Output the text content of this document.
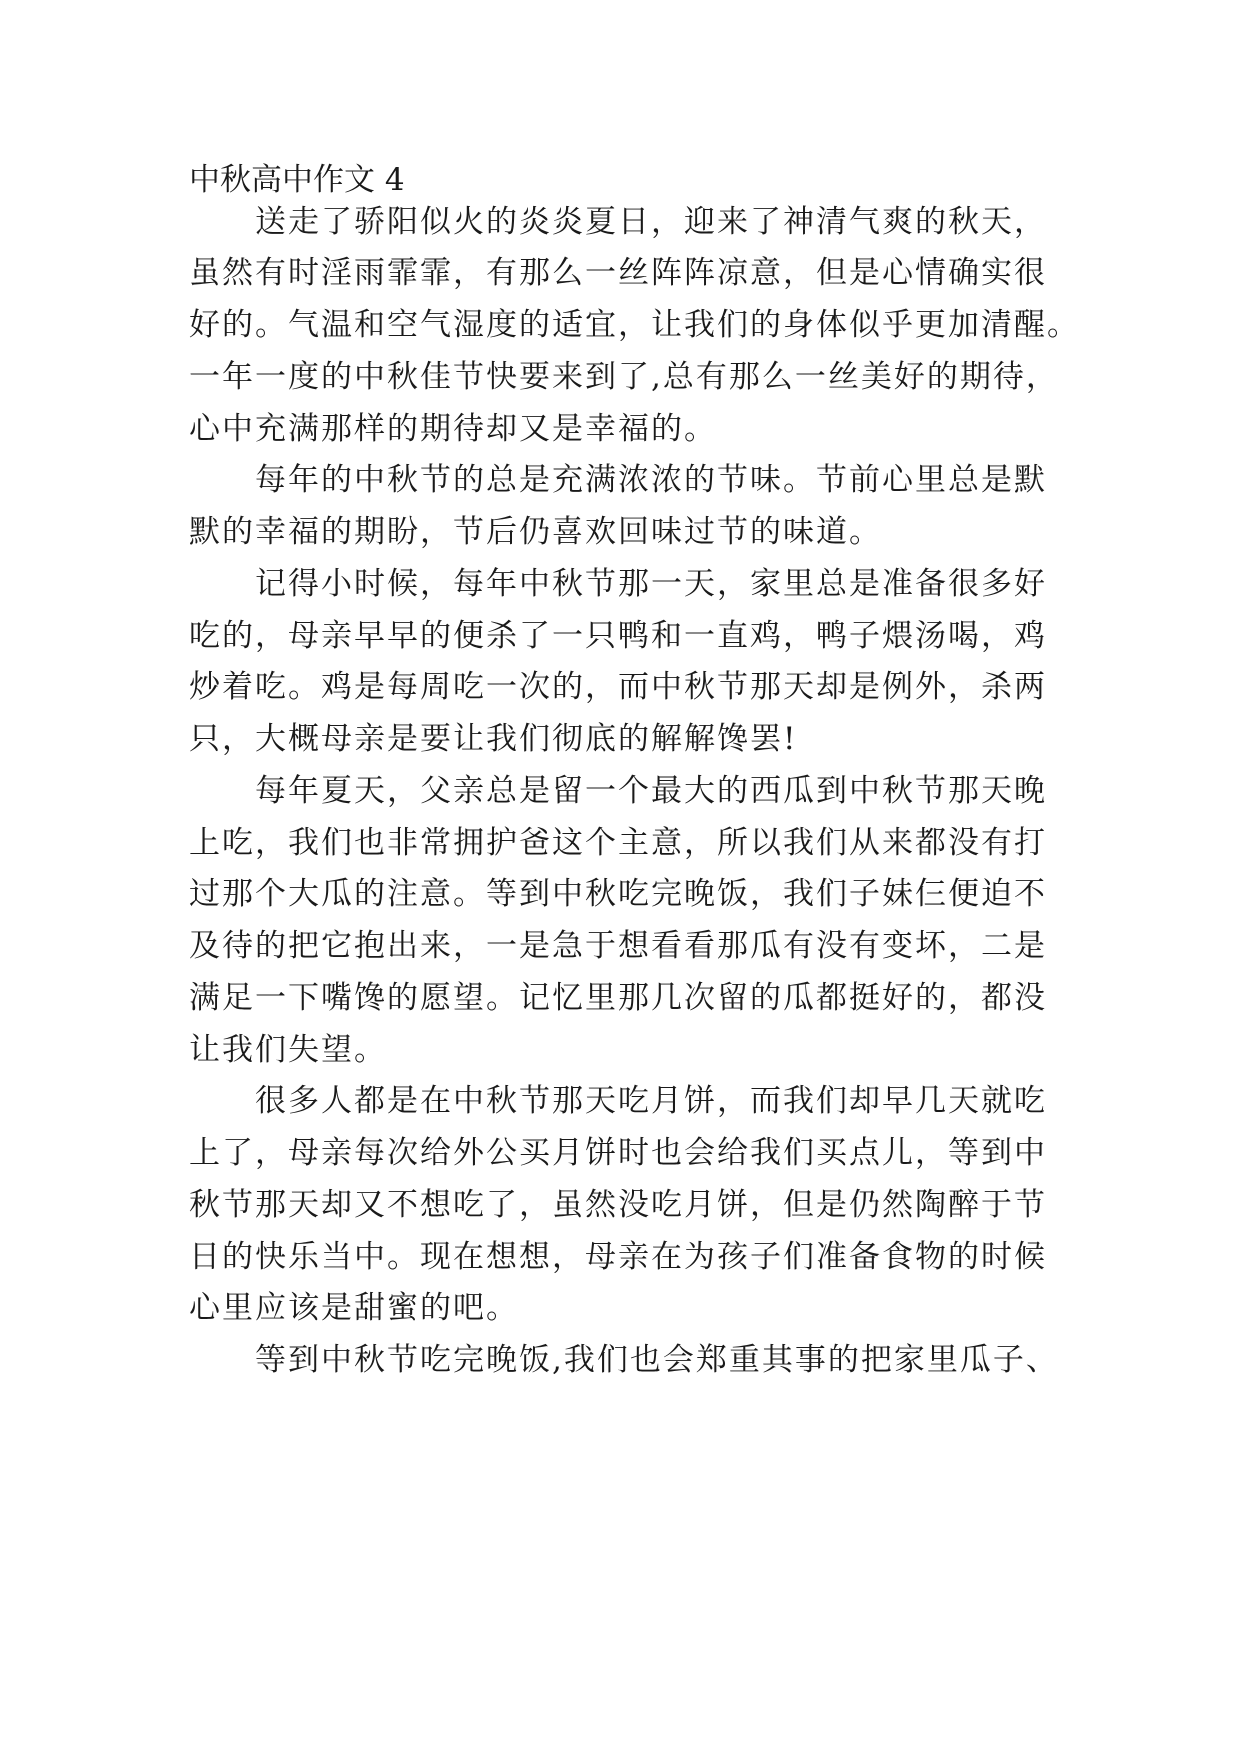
中秋高中作文 4
送走了骄阳似火的炎炎夏日，迎来了神清气爽的秋天，
虽然有时淫雨霏霏，有那么一丝阵阵凉意，但是心情确实很
好的。气温和空气湿度的适宜，让我们的身体似乎更加清醒。
一年一度的中秋佳节快要来到了,总有那么一丝美好的期待，
心中充满那样的期待却又是幸福的。
每年的中秋节的总是充满浓浓的节味。节前心里总是默
默的幸福的期盼，节后仍喜欢回味过节的味道。
记得小时候，每年中秋节那一天，家里总是准备很多好
吃的，母亲早早的便杀了一只鸭和一直鸡，鸭子煨汤喝，鸡
炒着吃。鸡是每周吃一次的，而中秋节那天却是例外，杀两
只，大概母亲是要让我们彻底的解解馋罢!
每年夏天，父亲总是留一个最大的西瓜到中秋节那天晚
上吃，我们也非常拥护爸这个主意，所以我们从来都没有打
过那个大瓜的注意。等到中秋吃完晚饭，我们子妹仨便迫不
及待的把它抱出来，一是急于想看看那瓜有没有变坏，二是
满足一下嘴馋的愿望。记忆里那几次留的瓜都挺好的，都没
让我们失望。
很多人都是在中秋节那天吃月饼，而我们却早几天就吃
上了，母亲每次给外公买月饼时也会给我们买点儿，等到中
秋节那天却又不想吃了，虽然没吃月饼，但是仍然陶醉于节
日的快乐当中。现在想想，母亲在为孩子们准备食物的时候
心里应该是甜蜜的吧。
等到中秋节吃完晚饭,我们也会郑重其事的把家里瓜子、
